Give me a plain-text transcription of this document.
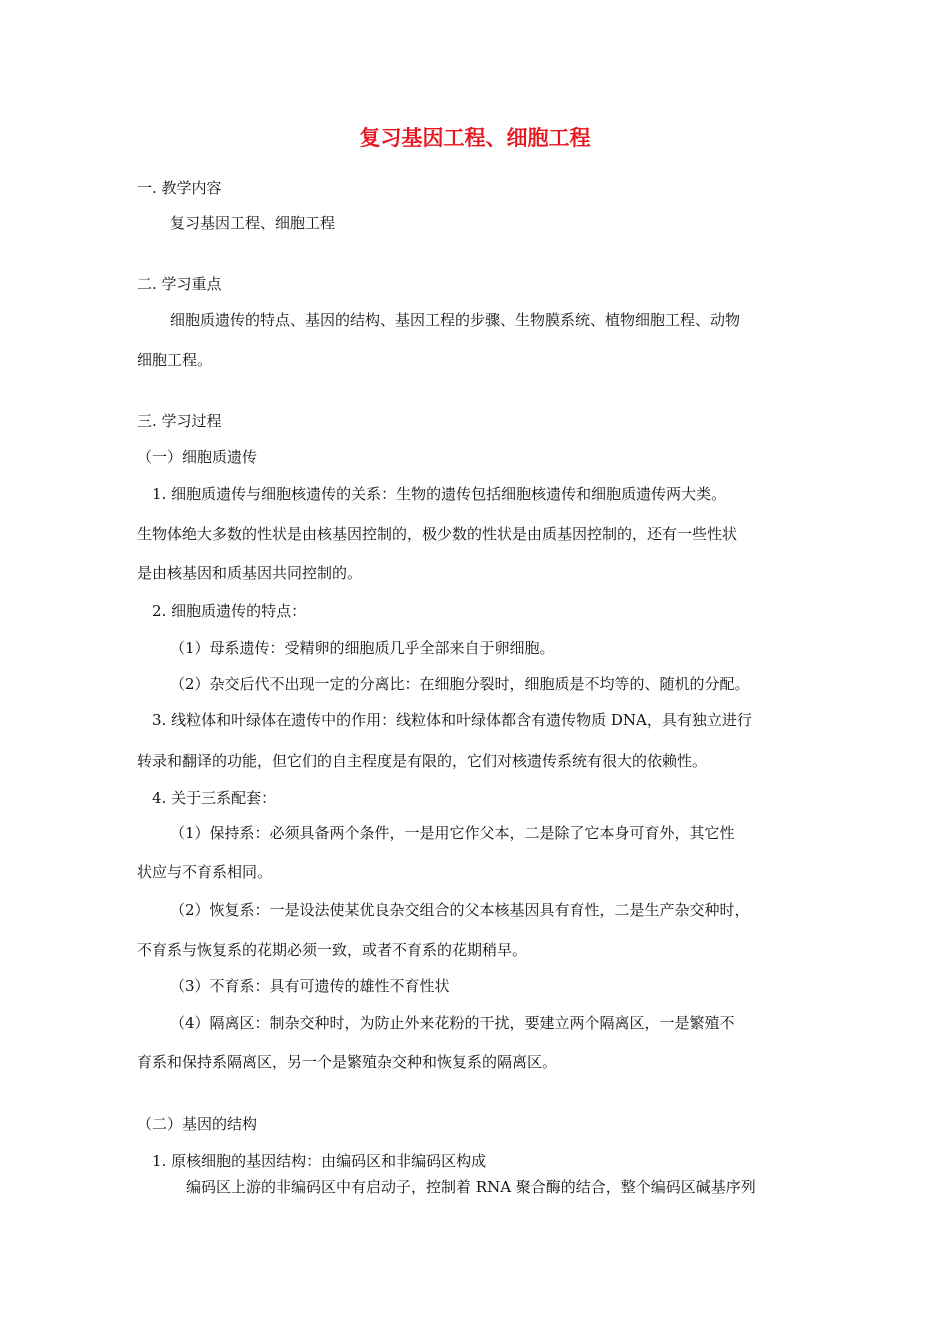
复习基因工程、细胞工程
一. 教学内容
复习基因工程、细胞工程
二. 学习重点
细胞质遗传的特点、基因的结构、基因工程的步骤、生物膜系统、植物细胞工程、动物
细胞工程。
三. 学习过程
（一）细胞质遗传
1. 细胞质遗传与细胞核遗传的关系：生物的遗传包括细胞核遗传和细胞质遗传两大类。
生物体绝大多数的性状是由核基因控制的，极少数的性状是由质基因控制的，还有一些性状
是由核基因和质基因共同控制的。
2. 细胞质遗传的特点：
（1）母系遗传：受精卵的细胞质几乎全部来自于卵细胞。
（2）杂交后代不出现一定的分离比：在细胞分裂时，细胞质是不均等的、随机的分配。
3. 线粒体和叶绿体在遗传中的作用：线粒体和叶绿体都含有遗传物质 DNA，具有独立进行
转录和翻译的功能，但它们的自主程度是有限的，它们对核遗传系统有很大的依赖性。
4. 关于三系配套：
（1）保持系：必须具备两个条件，一是用它作父本，二是除了它本身可育外，其它性
状应与不育系相同。
（2）恢复系：一是设法使某优良杂交组合的父本核基因具有育性，二是生产杂交种时，
不育系与恢复系的花期必须一致，或者不育系的花期稍早。
（3）不育系：具有可遗传的雄性不育性状
（4）隔离区：制杂交种时，为防止外来花粉的干扰，要建立两个隔离区，一是繁殖不
育系和保持系隔离区，另一个是繁殖杂交种和恢复系的隔离区。
（二）基因的结构
1. 原核细胞的基因结构：由编码区和非编码区构成
编码区上游的非编码区中有启动子，控制着 RNA 聚合酶的结合，整个编码区碱基序列
